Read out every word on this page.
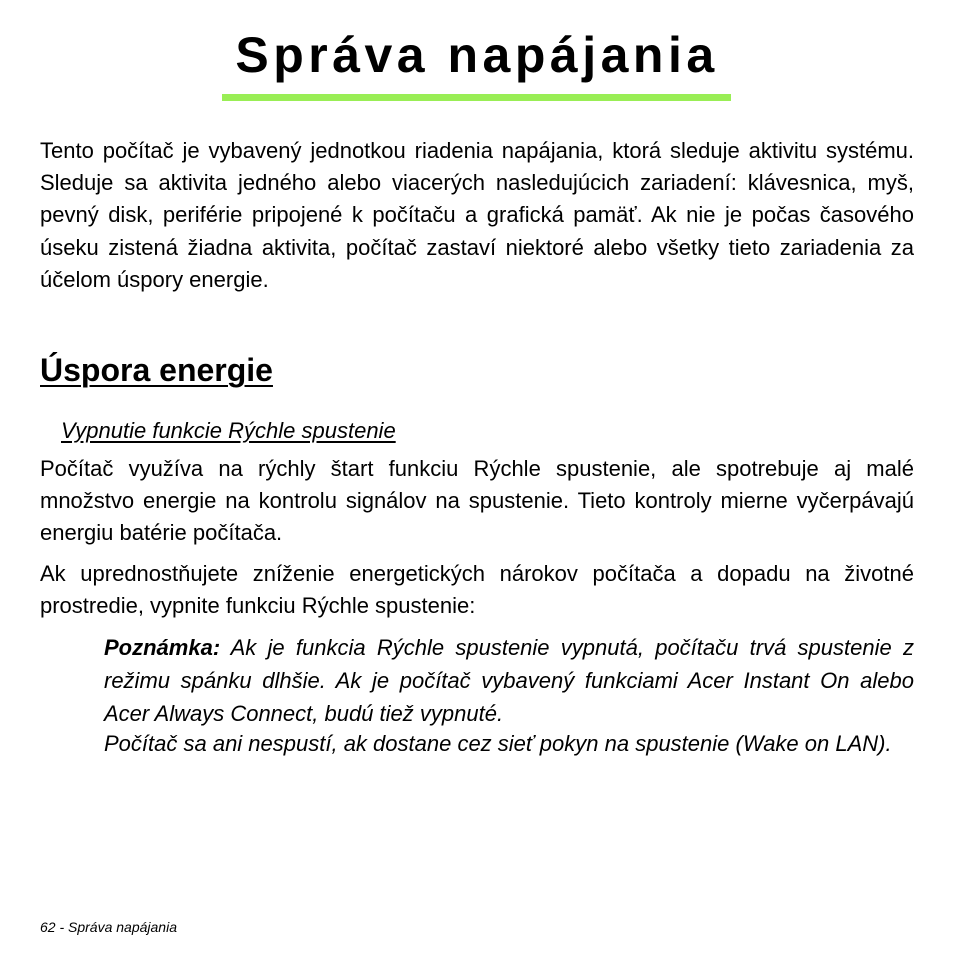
Správa napájania

Tento počítač je vybavený jednotkou riadenia napájania, ktorá sleduje aktivitu systému. Sleduje sa aktivita jedného alebo viacerých nasledujúcich zariadení: klávesnica, myš, pevný disk, periférie pripojené k počítaču a grafická pamäť. Ak nie je počas časového úseku zistená žiadna aktivita, počítač zastaví niektoré alebo všetky tieto zariadenia za účelom úspory energie.

Úspora energie

Vypnutie funkcie Rýchle spustenie

Počítač využíva na rýchly štart funkciu Rýchle spustenie, ale spotrebuje aj malé množstvo energie na kontrolu signálov na spustenie. Tieto kontroly mierne vyčerpávajú energiu batérie počítača.

Ak uprednostňujete zníženie energetických nárokov počítača a dopadu na životné prostredie, vypnite funkciu Rýchle spustenie:

Poznámka: Ak je funkcia Rýchle spustenie vypnutá, počítaču trvá spustenie z režimu spánku dlhšie. Ak je počítač vybavený funkciami Acer Instant On alebo Acer Always Connect, budú tiež vypnuté.

Počítač sa ani nespustí, ak dostane cez sieť pokyn na spustenie (Wake on LAN).

62 - Správa napájania
